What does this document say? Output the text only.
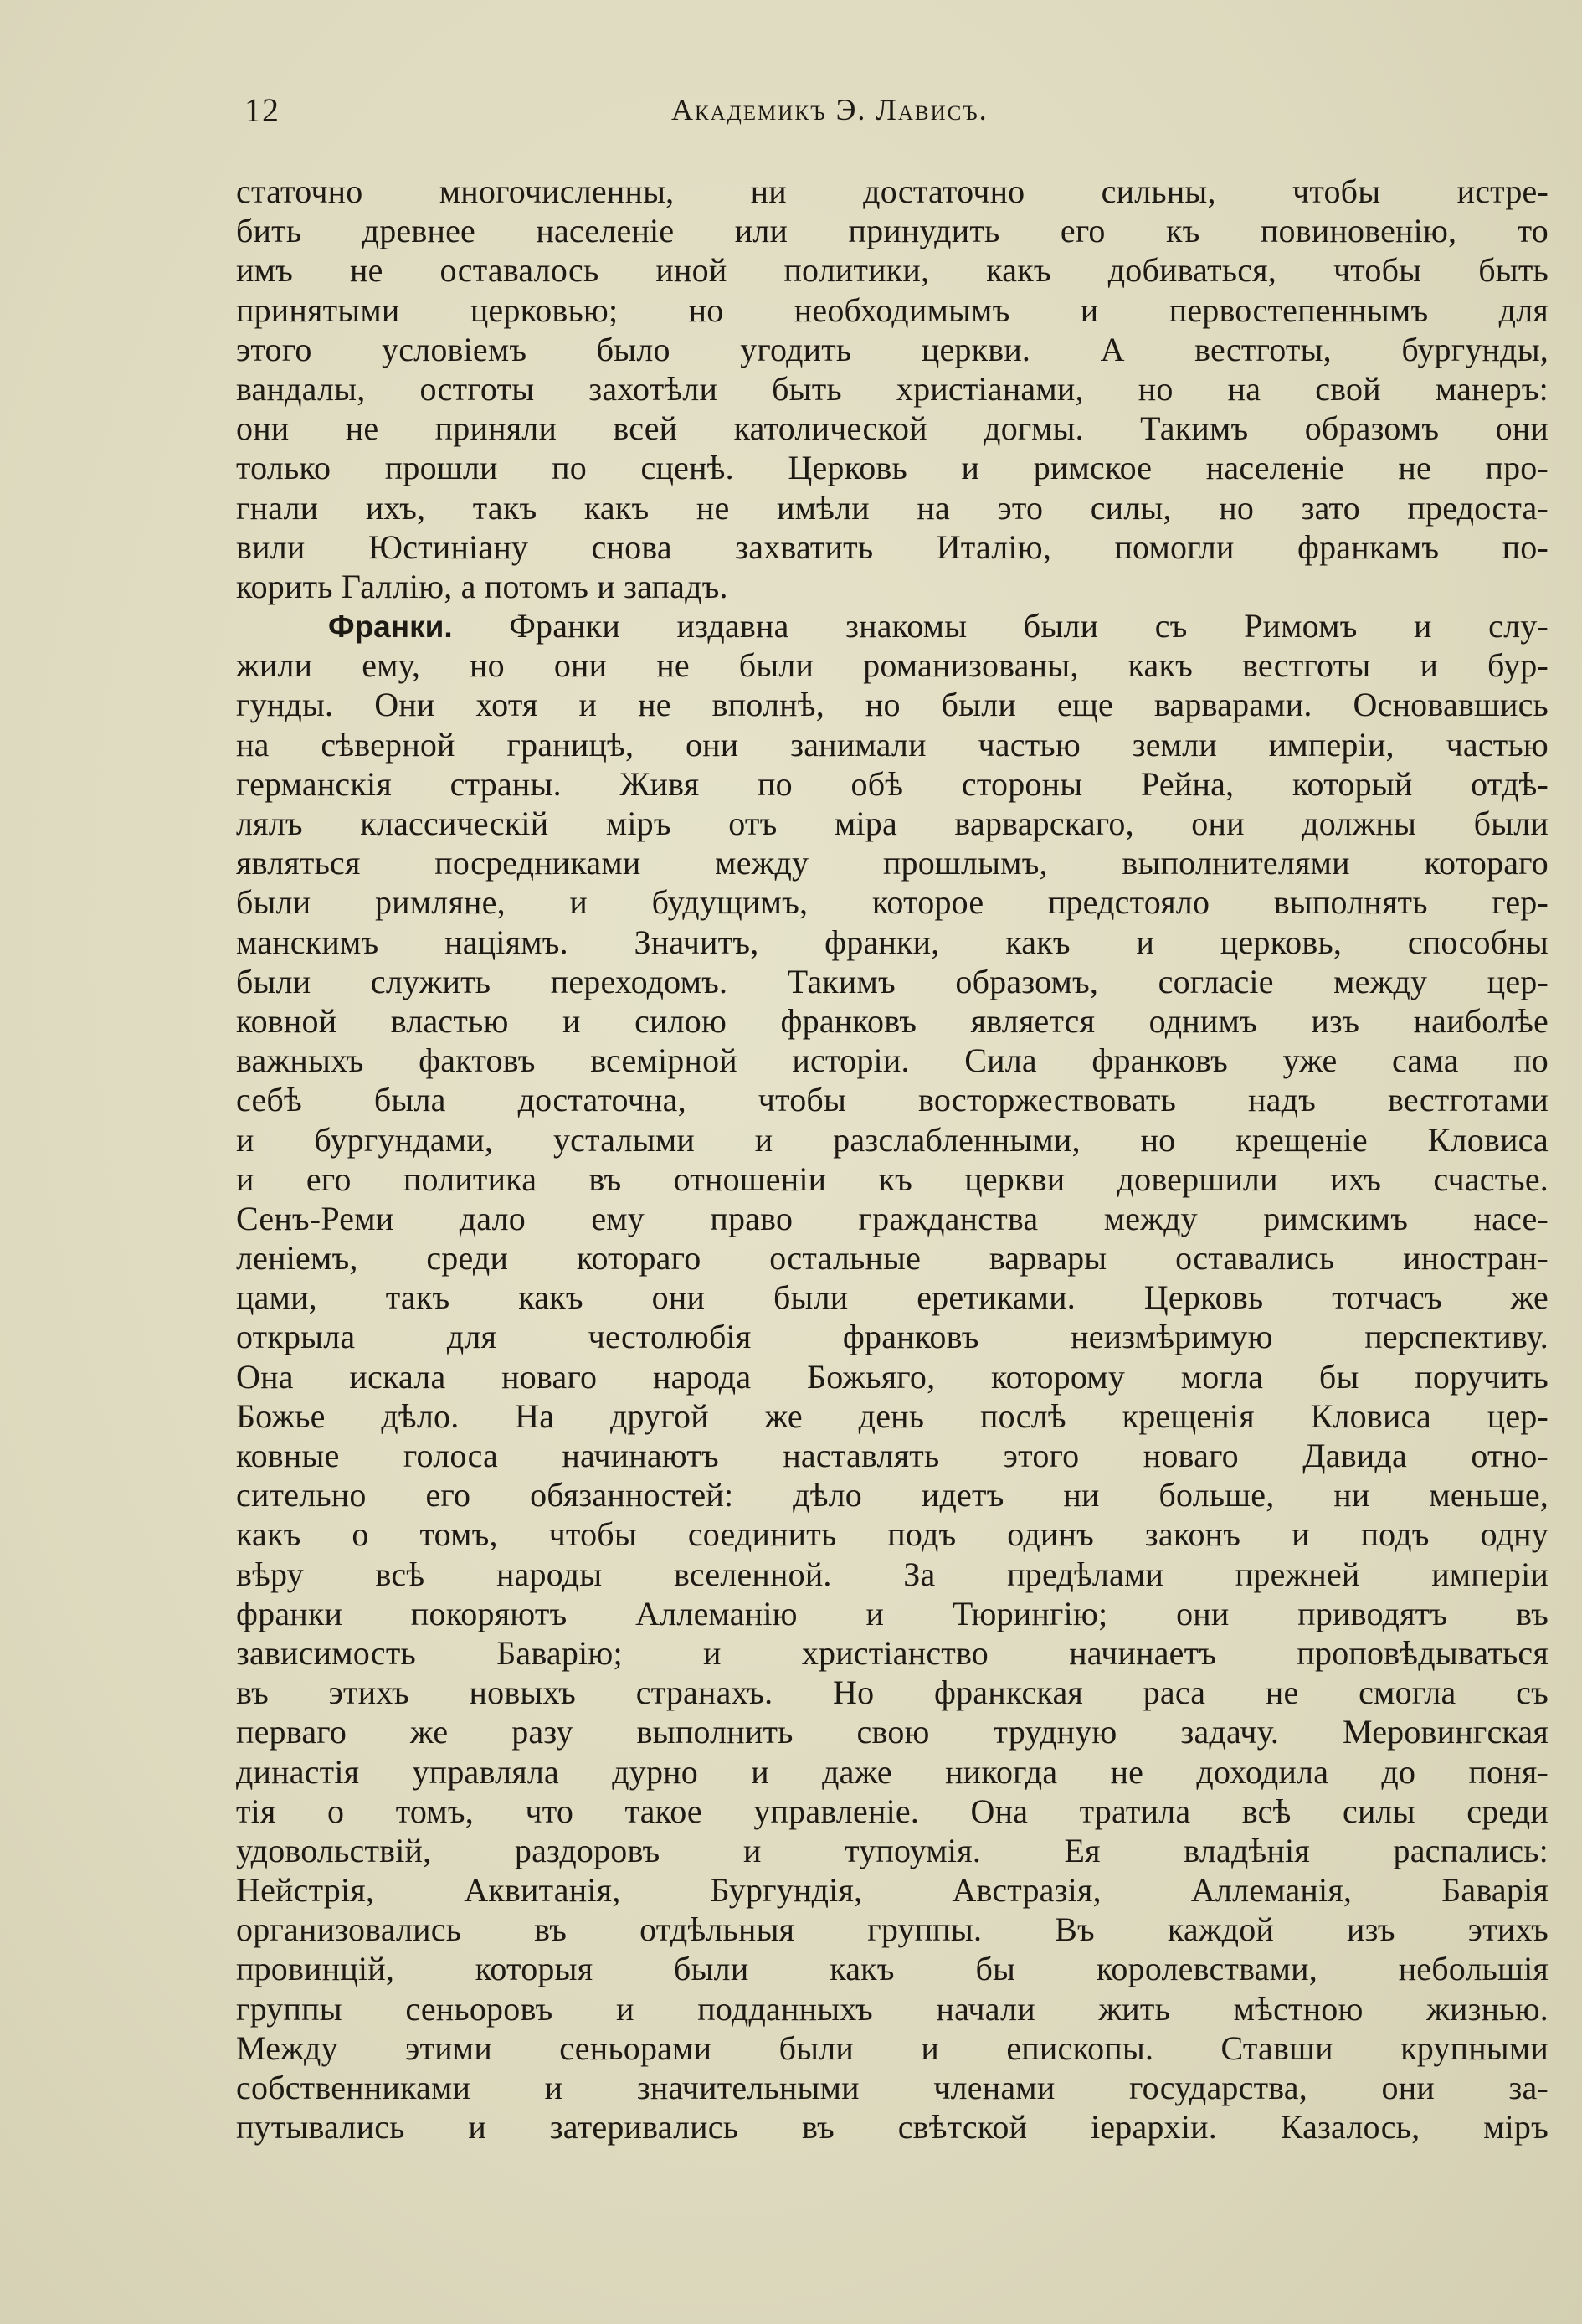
12	Академикъ Э. Лависъ.
статочно многочисленны, ни достаточно сильны, чтобы истре-
бить древнее населеніе или принудить его къ повиновенію, то
имъ не оставалось иной политики, какъ добиваться, чтобы быть
принятыми церковью; но необходимымъ и первостепеннымъ для
этого условіемъ было угодить церкви. А вестготы, бургунды,
вандалы, остготы захотѣли быть христіанами, но на свой манеръ:
они не приняли всей католической догмы. Такимъ образомъ они
только прошли по сценѣ. Церковь и римское населеніе не про-
гнали ихъ, такъ какъ не имѣли на это силы, но зато предоста-
вили Юстиніану снова захватить Италію, помогли франкамъ по-
корить Галлію, а потомъ и западъ.
Франки. Франки издавна знакомы были съ Римомъ и слу-
жили ему, но они не были романизованы, какъ вестготы и бур-
гунды. Они хотя и не вполнѣ, но были еще варварами. Основавшись
на сѣверной границѣ, они занимали частью земли имперіи, частью
германскія страны. Живя по обѣ стороны Рейна, который отдѣ-
лялъ классическій міръ отъ міра варварскаго, они должны были
являться посредниками между прошлымъ, выполнителями котораго
были римляне, и будущимъ, которое предстояло выполнять гер-
манскимъ націямъ. Значитъ, франки, какъ и церковь, способны
были служить переходомъ. Такимъ образомъ, согласіе между цер-
ковной властью и силою франковъ является однимъ изъ наиболѣе
важныхъ фактовъ всемірной исторіи. Сила франковъ уже сама по
себѣ была достаточна, чтобы восторжествовать надъ вестготами
и бургундами, усталыми и разслабленными, но крещеніе Кловиса
и его политика въ отношеніи къ церкви довершили ихъ счастье.
Сенъ-Реми дало ему право гражданства между римскимъ насе-
леніемъ, среди котораго остальные варвары оставались иностран-
цами, такъ какъ они были еретиками. Церковь тотчасъ же
открыла для честолюбія франковъ неизмѣримую перспективу.
Она искала новаго народа Божьяго, которому могла бы поручить
Божье дѣло. На другой же день послѣ крещенія Кловиса цер-
ковные голоса начинаютъ наставлять этого новаго Давида отно-
сительно его обязанностей: дѣло идетъ ни больше, ни меньше,
какъ о томъ, чтобы соединить подъ одинъ законъ и подъ одну
вѣру всѣ народы вселенной. За предѣлами прежней имперіи
франки покоряютъ Аллеманію и Тюрингію; они приводятъ въ
зависимость Баварію; и христіанство начинаетъ проповѣдываться
въ этихъ новыхъ странахъ. Но франкская раса не смогла съ
перваго же разу выполнить свою трудную задачу. Меровингская
династія управляла дурно и даже никогда не доходила до поня-
тія о томъ, что такое управленіе. Она тратила всѣ силы среди
удовольствій, раздоровъ и тупоумія. Ея владѣнія распались:
Нейстрія, Аквитанія, Бургундія, Австразія, Аллеманія, Баварія
организовались въ отдѣльныя группы. Въ каждой изъ этихъ
провинцій, которыя были какъ бы королевствами, небольшія
группы сеньоровъ и подданныхъ начали жить мѣстною жизнью.
Между этими сеньорами были и епископы. Ставши крупными
собственниками и значительными членами государства, они за-
путывались и затеривались въ свѣтской іерархіи. Казалось, міръ
